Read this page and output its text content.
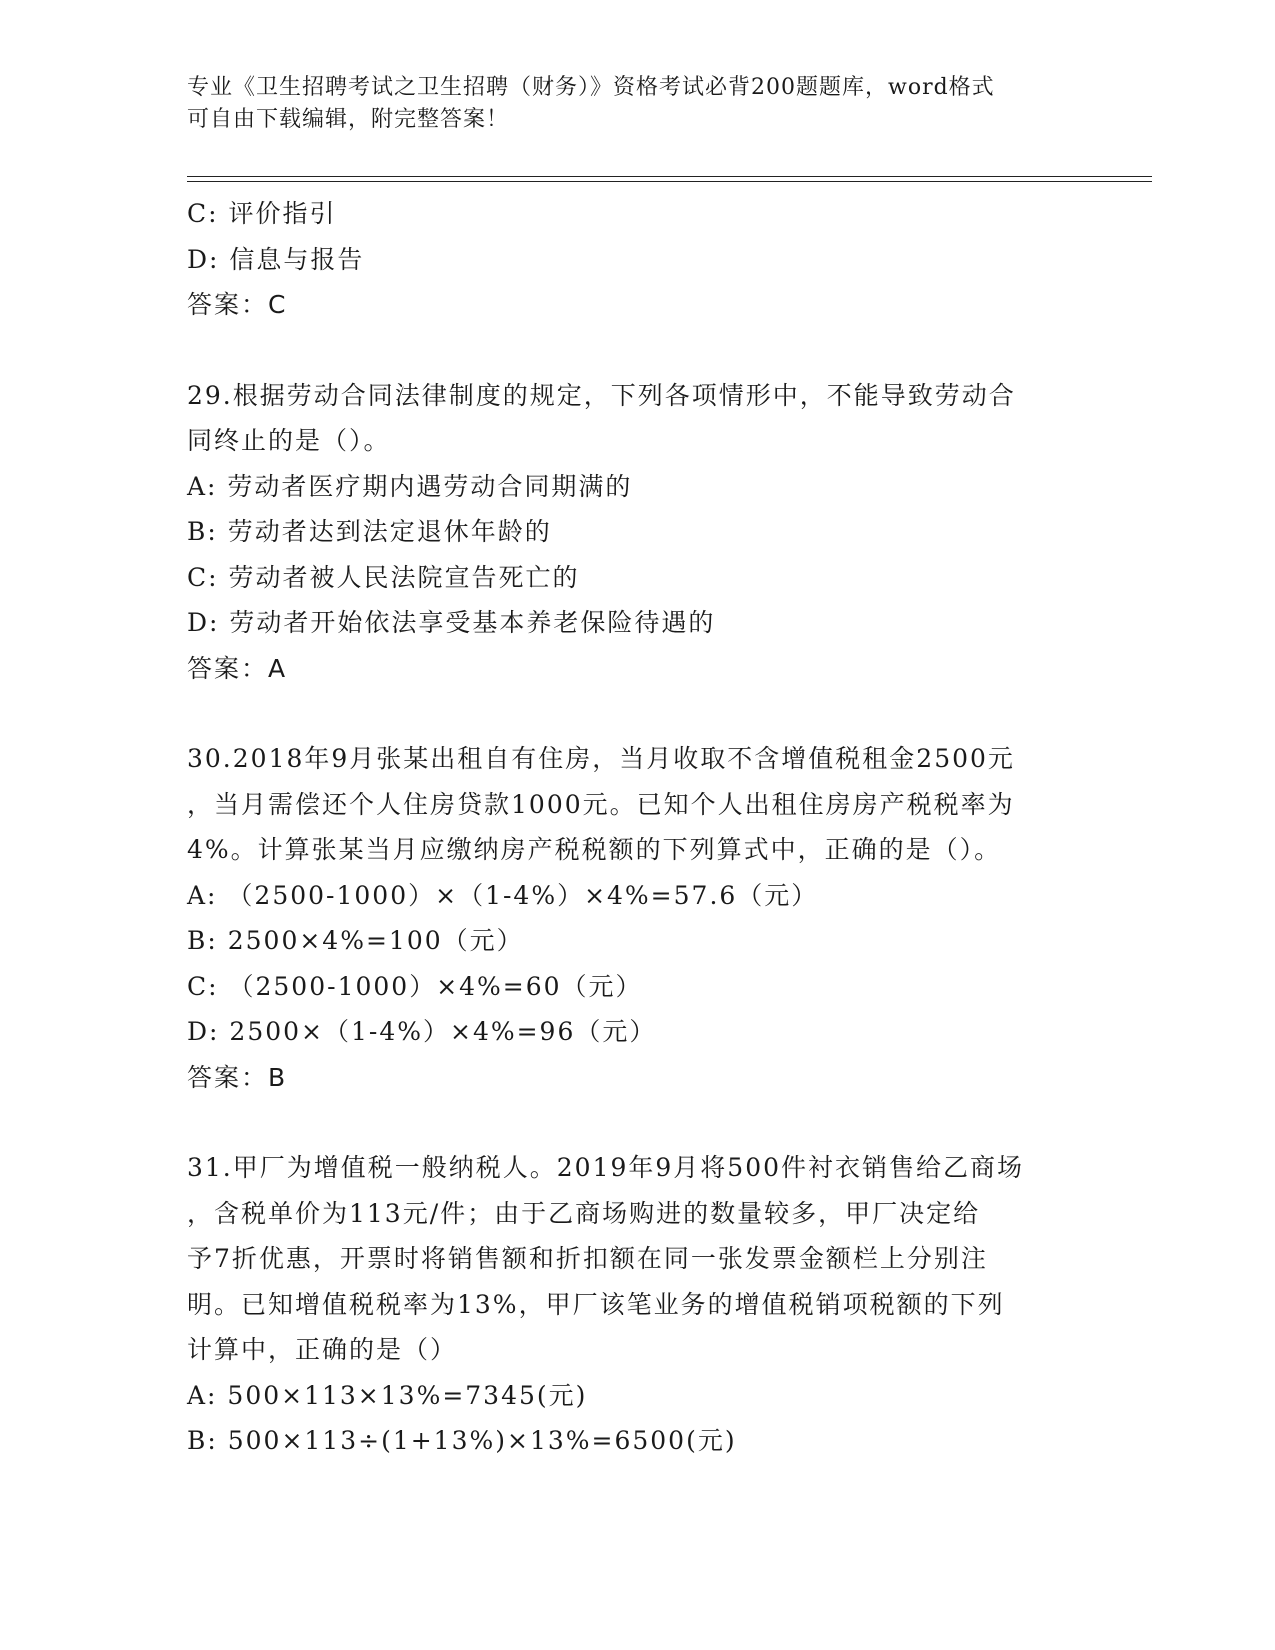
专业《卫生招聘考试之卫生招聘（财务）》资格考试必背200题题库，word格式
可自由下载编辑，附完整答案！
C: 评价指引
D: 信息与报告
答案：C
29.根据劳动合同法律制度的规定，下列各项情形中，不能导致劳动合
同终止的是（）。
A: 劳动者医疗期内遇劳动合同期满的
B: 劳动者达到法定退休年龄的
C: 劳动者被人民法院宣告死亡的
D: 劳动者开始依法享受基本养老保险待遇的
答案：A
30.2018年9月张某出租自有住房，当月收取不含增值税租金2500元
，当月需偿还个人住房贷款1000元。已知个人出租住房房产税税率为
4%。计算张某当月应缴纳房产税税额的下列算式中，正确的是（）。
A: （2500-1000）×（1-4%）×4%=57.6（元）
B: 2500×4%=100（元）
C: （2500-1000）×4%=60（元）
D: 2500×（1-4%）×4%=96（元）
答案：B
31.甲厂为增值税一般纳税人。2019年9月将500件衬衣销售给乙商场
，含税单价为113元/件；由于乙商场购进的数量较多，甲厂决定给
予7折优惠，开票时将销售额和折扣额在同一张发票金额栏上分别注
明。已知增值税税率为13%，甲厂该笔业务的增值税销项税额的下列
计算中，正确的是（）
A: 500×113×13%=7345(元)
B: 500×113÷(1+13%)×13%=6500(元)
